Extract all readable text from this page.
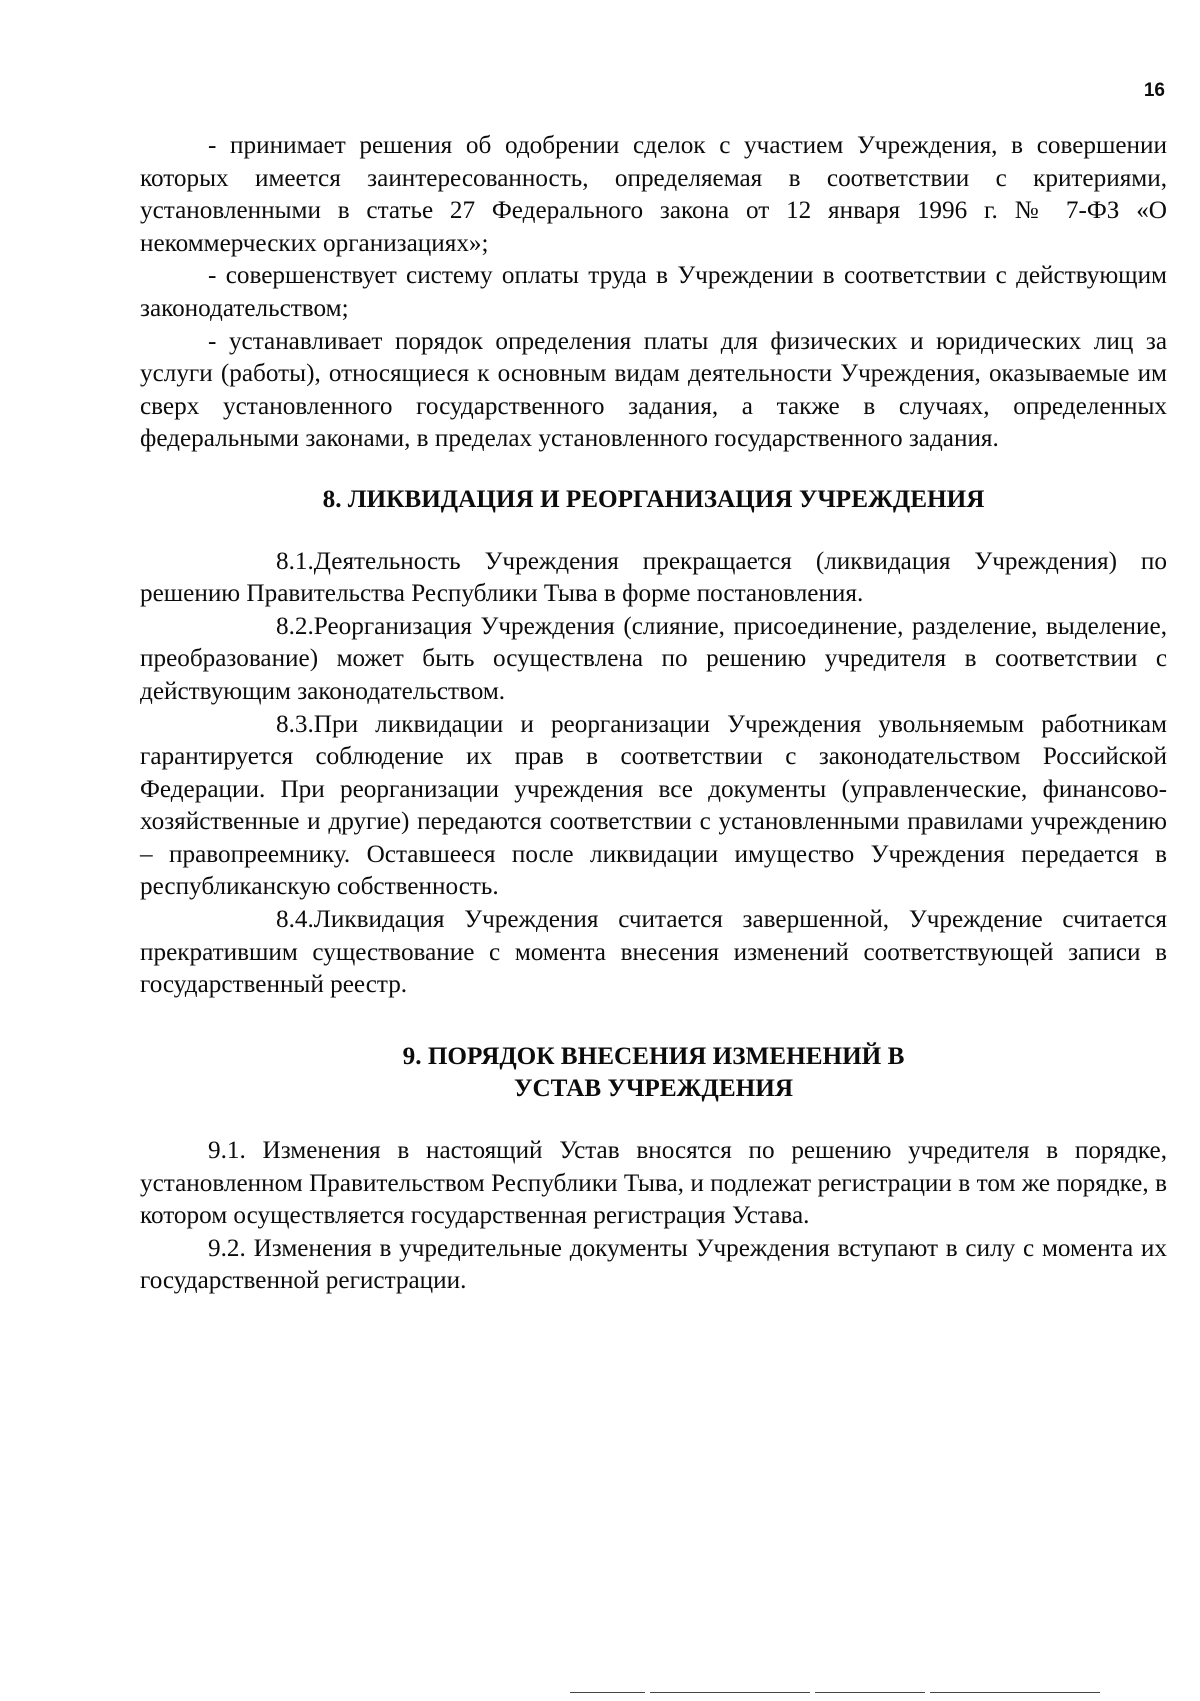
16

- принимает решения об одобрении сделок с участием Учреждения, в совершении которых имеется заинтересованность, определяемая в соответствии с критериями, установленными в статье 27 Федерального закона от 12 января 1996 г. № 7-ФЗ «О некоммерческих организациях»;

- совершенствует систему оплаты труда в Учреждении в соответствии с действующим законодательством;

- устанавливает порядок определения платы для физических и юридических лиц за услуги (работы), относящиеся к основным видам деятельности Учреждения, оказываемые им сверх установленного государственного задания, а также в случаях, определенных федеральными законами, в пределах установленного государственного задания.

8. ЛИКВИДАЦИЯ И РЕОРГАНИЗАЦИЯ УЧРЕЖДЕНИЯ

8.1.Деятельность Учреждения прекращается (ликвидация Учреждения) по решению Правительства Республики Тыва в форме постановления.

8.2.Реорганизация Учреждения (слияние, присоединение, разделение, выделение, преобразование) может быть осуществлена по решению учредителя в соответствии с действующим законодательством.

8.3.При ликвидации и реорганизации Учреждения увольняемым работникам гарантируется соблюдение их прав в соответствии с законодательством Российской Федерации. При реорганизации учреждения все документы (управленческие, финансово-хозяйственные и другие) передаются соответствии с установленными правилами учреждению – правопреемнику. Оставшееся после ликвидации имущество Учреждения передается в республиканскую собственность.

8.4.Ликвидация Учреждения считается завершенной, Учреждение считается прекратившим существование с момента внесения изменений соответствующей записи в государственный реестр.

9. ПОРЯДОК ВНЕСЕНИЯ ИЗМЕНЕНИЙ В УСТАВ УЧРЕЖДЕНИЯ

9.1. Изменения в настоящий Устав вносятся по решению учредителя в порядке, установленном Правительством Республики Тыва, и подлежат регистрации в том же порядке, в котором осуществляется государственная регистрация Устава.

9.2. Изменения в учредительные документы Учреждения вступают в силу с момента их государственной регистрации.
